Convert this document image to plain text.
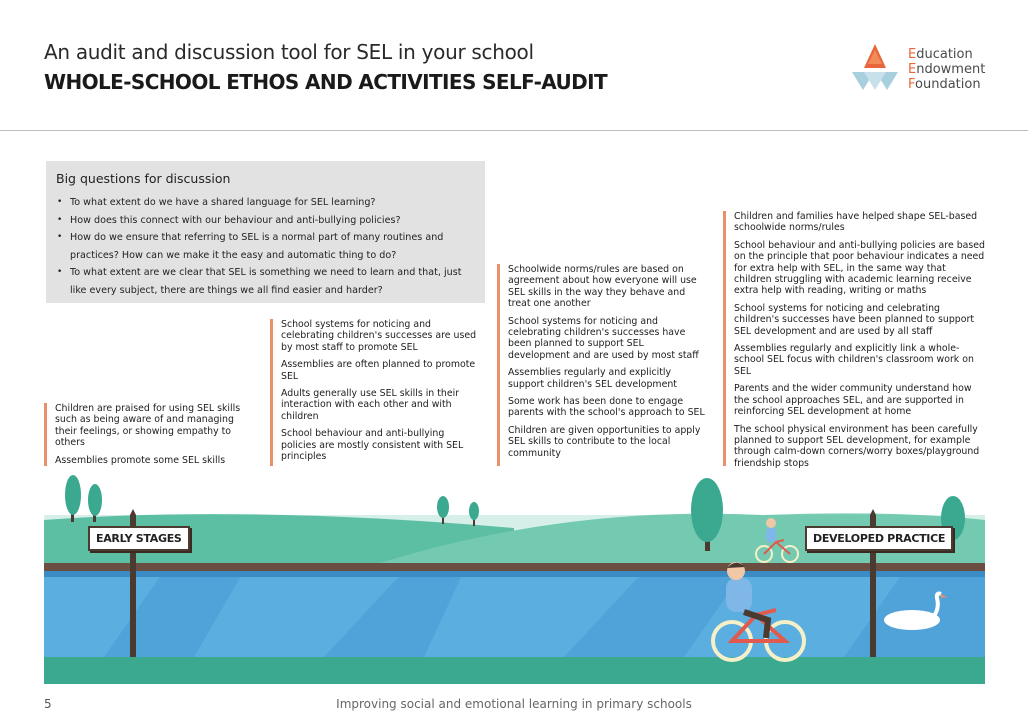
An audit and discussion tool for SEL in your school
WHOLE-SCHOOL ETHOS AND ACTIVITIES SELF-AUDIT
Education
Endowment
Foundation
Big questions for discussion
• To what extent do we have a shared language for SEL learning?
• How does this connect with our behaviour and anti-bullying policies?
• How do we ensure that referring to SEL is a normal part of many routines and practices? How can we make it the easy and automatic thing to do?
• To what extent are we clear that SEL is something we need to learn and that, just like every subject, there are things we all find easier and harder?

Children are praised for using SEL skills such as being aware of and managing their feelings, or showing empathy to others

Assemblies promote some SEL skills

School systems for noticing and celebrating children's successes are used by most staff to promote SEL

Assemblies are often planned to promote SEL

Adults generally use SEL skills in their interaction with each other and with children

School behaviour and anti-bullying policies are mostly consistent with SEL principles

Schoolwide norms/rules are based on agreement about how everyone will use SEL skills in the way they behave and treat one another

School systems for noticing and celebrating children's successes have been planned to support SEL development and are used by most staff

Assemblies regularly and explicitly support children's SEL development

Some work has been done to engage parents with the school's approach to SEL

Children are given opportunities to apply SEL skills to contribute to the local community

Children and families have helped shape SEL-based schoolwide norms/rules

School behaviour and anti-bullying policies are based on the principle that poor behaviour indicates a need for extra help with SEL, in the same way that children struggling with academic learning receive extra help with reading, writing or maths

School systems for noticing and celebrating children's successes have been planned to support SEL development and are used by all staff

Assemblies regularly and explicitly link a whole-school SEL focus with children's classroom work on SEL

Parents and the wider community understand how the school approaches SEL, and are supported in reinforcing SEL development at home

The school physical environment has been carefully planned to support SEL development, for example through calm-down corners/worry boxes/playground friendship stops

EARLY STAGES	DEVELOPED PRACTICE
Improving social and emotional learning in primary schools
5
